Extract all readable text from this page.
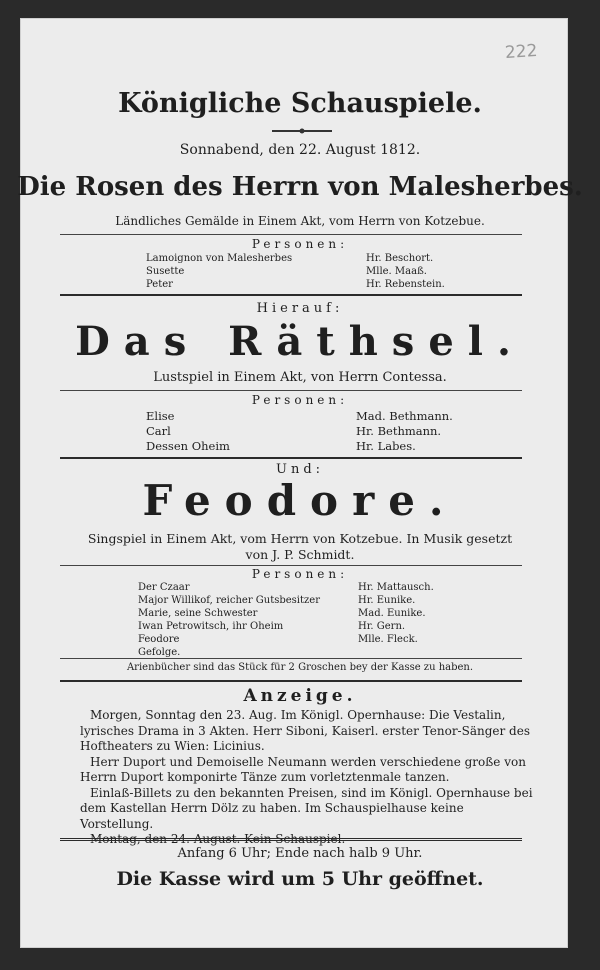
222
Königliche Schauspiele.
Sonnabend, den 22. August 1812.
Die Rosen des Herrn von Malesherbes.
Ländliches Gemälde in Einem Akt, vom Herrn von Kotzebue.
Personen:
Lamoignon von Malesherbes	Hr. Beschort.
Susette	Mlle. Maaß.
Peter	Hr. Rebenstein.
Hierauf:
Das Räthsel.
Lustspiel in Einem Akt, von Herrn Contessa.
Personen:
Elise	Mad. Bethmann.
Carl	Hr. Bethmann.
Dessen Oheim	Hr. Labes.
Und:
Feodore.
Singspiel in Einem Akt, vom Herrn von Kotzebue. In Musik gesetzt
von J. P. Schmidt.
Personen:
Der Czaar	Hr. Mattausch.
Major Willikof, reicher Gutsbesitzer	Hr. Eunike.
Marie, seine Schwester	Mad. Eunike.
Iwan Petrowitsch, ihr Oheim	Hr. Gern.
Feodore	Mlle. Fleck.
Gefolge.
Arienbücher sind das Stück für 2 Groschen bey der Kasse zu haben.
Anzeige.
Morgen, Sonntag den 23. Aug. Im Königl. Opernhause: Die Vestalin,
lyrisches Drama in 3 Akten. Herr Siboni, Kaiserl. erster Tenor-Sänger des
Hoftheaters zu Wien: Licinius.
Herr Duport und Demoiselle Neumann werden verschiedene große von
Herrn Duport komponirte Tänze zum vorletztenmale tanzen.
Einlaß-Billets zu den bekannten Preisen, sind im Königl. Opernhause bei
dem Kastellan Herrn Dölz zu haben. Im Schauspielhause keine Vorstellung.
Montag, den 24. August. Kein Schauspiel.
Anfang 6 Uhr; Ende nach halb 9 Uhr.
Die Kasse wird um 5 Uhr geöffnet.
